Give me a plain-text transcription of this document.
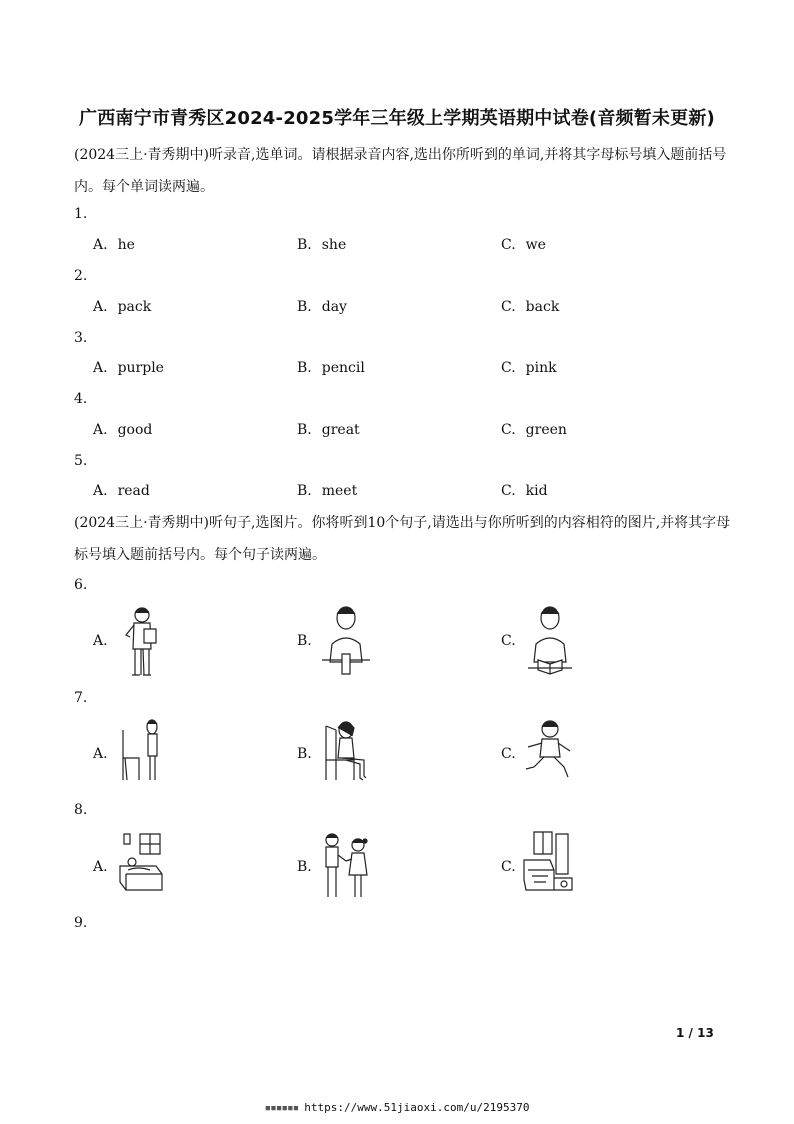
广西南宁市青秀区2024-2025学年三年级上学期英语期中试卷(音频暂未更新)
(2024三上·青秀期中)听录音,选单词。请根据录音内容,选出你所听到的单词,并将其字母标号填入题前括号内。每个单词读两遍。
1.
A. he	B. she	C. we
2.
A. pack	B. day	C. back
3.
A. purple	B. pencil	C. pink
4.
A. good	B. great	C. green
5.
A. read	B. meet	C. kid
(2024三上·青秀期中)听句子,选图片。你将听到10个句子,请选出与你所听到的内容相符的图片,并将其字母标号填入题前括号内。每个句子读两遍。
6.
A.	B.	C.
7.
A.	B.	C.
8.
A.	B.	C.
9.
1 / 13
▪▪▪▪▪▪ https://www.51jiaoxi.com/u/2195370
